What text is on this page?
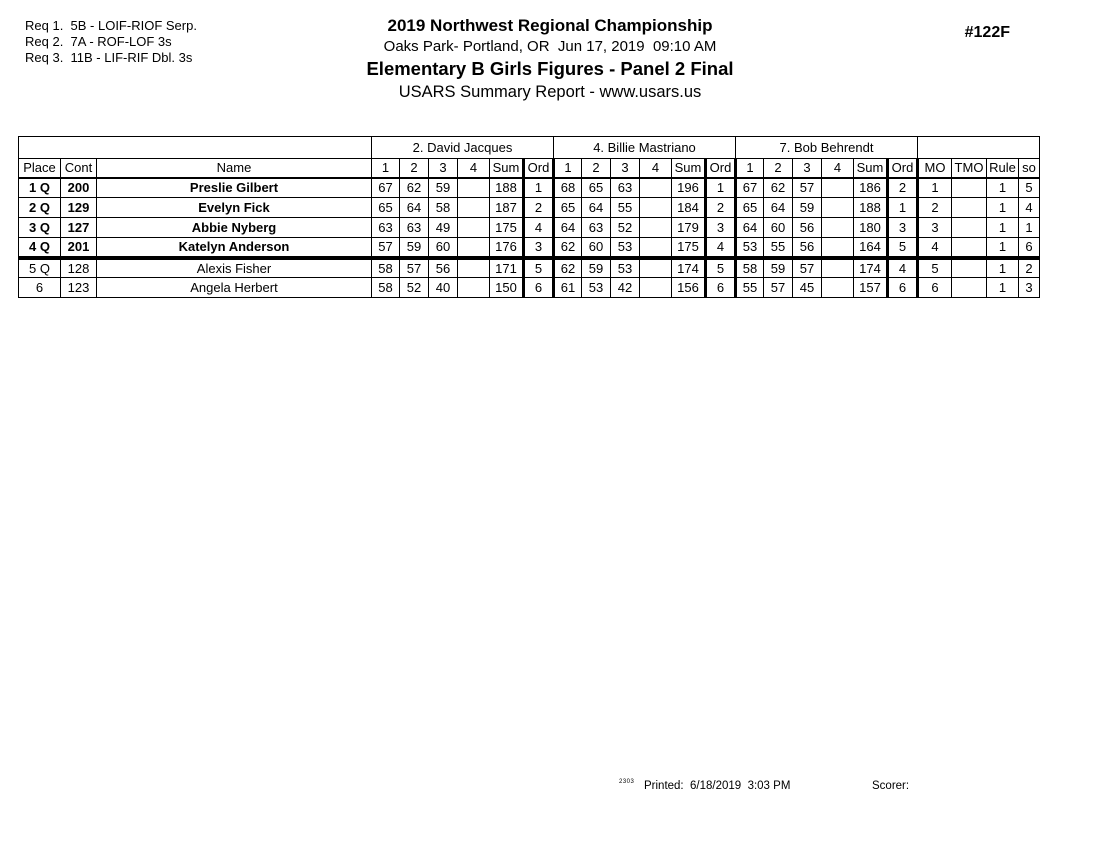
Req 1.  5B - LOIF-RIOF Serp.
Req 2.  7A - ROF-LOF 3s
Req 3.  11B - LIF-RIF Dbl. 3s
2019 Northwest Regional Championship
Oaks Park- Portland, OR  Jun 17, 2019  09:10 AM
Elementary B Girls Figures - Panel 2 Final
USARS Summary Report - www.usars.us
#122F
			2. David Jacques						4. Billie Mastriano						7. Bob Behrendt									
Place	Cont	Name	1	2	3	4	Sum	Ord	1	2	3	4	Sum	Ord	1	2	3	4	Sum	Ord	MO	TMO	Rule	so
1 Q	200	Preslie Gilbert	67	62	59		188	1	68	65	63		196	1	67	62	57		186	2	1		1	5
2 Q	129	Evelyn Fick	65	64	58		187	2	65	64	55		184	2	65	64	59		188	1	2		1	4
3 Q	127	Abbie Nyberg	63	63	49		175	4	64	63	52		179	3	64	60	56		180	3	3		1	1
4 Q	201	Katelyn Anderson	57	59	60		176	3	62	60	53		175	4	53	55	56		164	5	4		1	6
5 Q	128	Alexis Fisher	58	57	56		171	5	62	59	53		174	5	58	59	57		174	4	5		1	2
6	123	Angela Herbert	58	52	40		150	6	61	53	42		156	6	55	57	45		157	6	6		1	3
2303 Printed:  6/18/2019  3:03 PM	Scorer:
